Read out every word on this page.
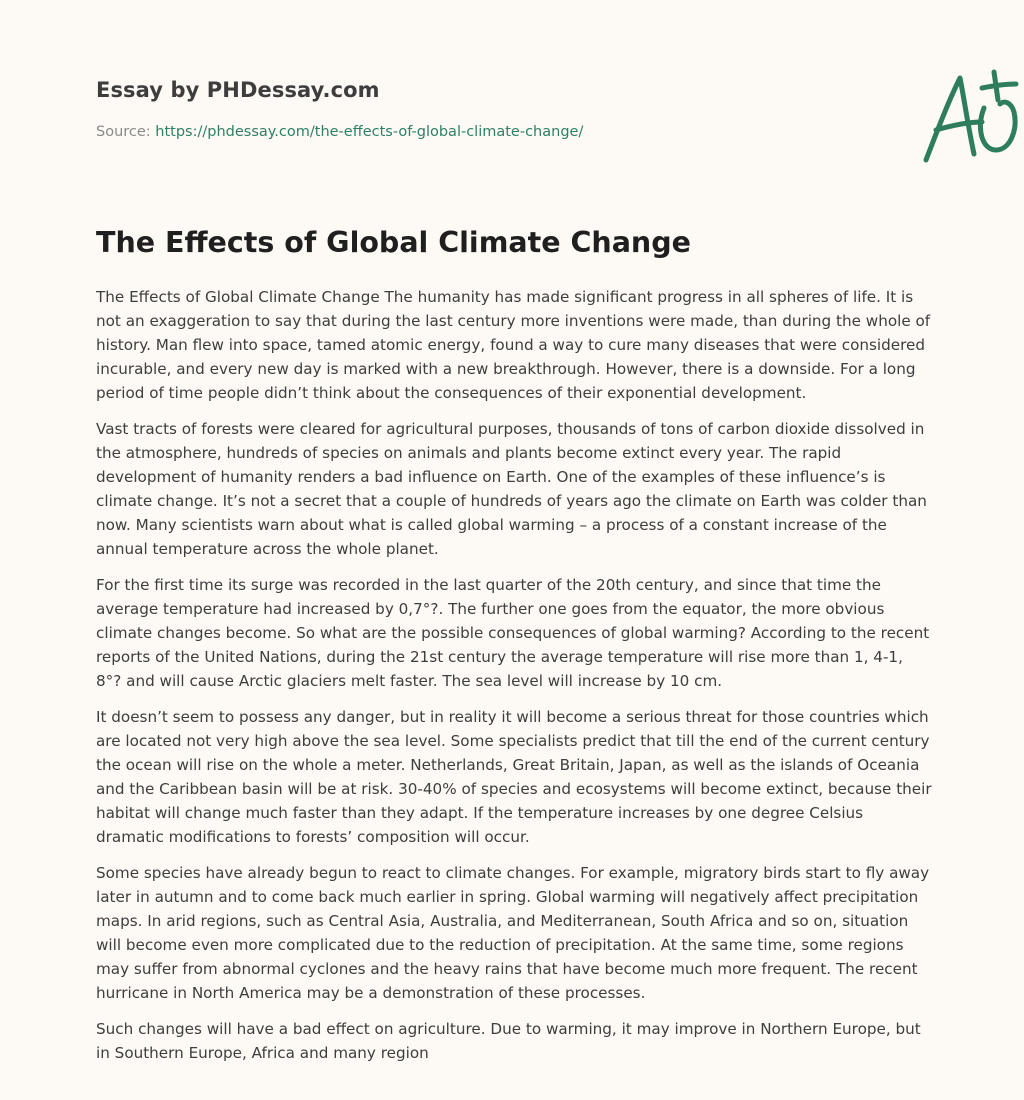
Essay by PHDessay.com
Source: https://phdessay.com/the-effects-of-global-climate-change/
The Effects of Global Climate Change

The Effects of Global Climate Change The humanity has made significant progress in all spheres of life. It is not an exaggeration to say that during the last century more inventions were made, than during the whole of history. Man flew into space, tamed atomic energy, found a way to cure many diseases that were considered incurable, and every new day is marked with a new breakthrough. However, there is a downside. For a long period of time people didn’t think about the consequences of their exponential development.

Vast tracts of forests were cleared for agricultural purposes, thousands of tons of carbon dioxide dissolved in the atmosphere, hundreds of species on animals and plants become extinct every year. The rapid development of humanity renders a bad influence on Earth. One of the examples of these influence’s is climate change. It’s not a secret that a couple of hundreds of years ago the climate on Earth was colder than now. Many scientists warn about what is called global warming – a process of a constant increase of the annual temperature across the whole planet.

For the first time its surge was recorded in the last quarter of the 20th century, and since that time the average temperature had increased by 0,7°?. The further one goes from the equator, the more obvious climate changes become. So what are the possible consequences of global warming? According to the recent reports of the United Nations, during the 21st century the average temperature will rise more than 1, 4-1, 8°? and will cause Arctic glaciers melt faster. The sea level will increase by 10 cm.

It doesn’t seem to possess any danger, but in reality it will become a serious threat for those countries which are located not very high above the sea level. Some specialists predict that till the end of the current century the ocean will rise on the whole a meter. Netherlands, Great Britain, Japan, as well as the islands of Oceania and the Caribbean basin will be at risk. 30-40% of species and ecosystems will become extinct, because their habitat will change much faster than they adapt. If the temperature increases by one degree Celsius dramatic modifications to forests’ composition will occur.

Some species have already begun to react to climate changes. For example, migratory birds start to fly away later in autumn and to come back much earlier in spring. Global warming will negatively affect precipitation maps. In arid regions, such as Central Asia, Australia, and Mediterranean, South Africa and so on, situation will become even more complicated due to the reduction of precipitation. At the same time, some regions may suffer from abnormal cyclones and the heavy rains that have become much more frequent. The recent hurricane in North America may be a demonstration of these processes.

Such changes will have a bad effect on agriculture. Due to warming, it may improve in Northern Europe, but in Southern Europe, Africa and many region
